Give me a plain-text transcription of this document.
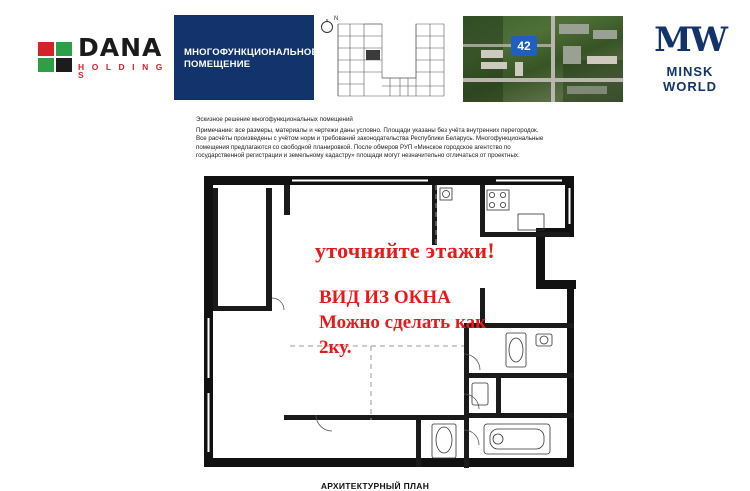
DANA
H O L D I N G S
МНОГОФУНКЦИОНАЛЬНОЕ
ПОМЕЩЕНИЕ
N
42	MW
MINSK WORLD

Эскизное решение многофункциональных помещений

Примечание: все размеры, материалы и чертежи даны условно. Площади указаны без учёта внутренних перегородок.

Все расчёты произведены с учётом норм и требований законодательства Республики Беларусь. Многофункциональные

помещения предлагаются со свободной планировкой. После обмеров РУП «Минское городское агентство по

государственной регистрации и земельному кадастру» площади могут незначительно отличаться от проектных.

уточняйте этажи!
ВИД ИЗ ОКНА
Можно сделать как
2ку.
АРХИТЕКТУРНЫЙ ПЛАН
